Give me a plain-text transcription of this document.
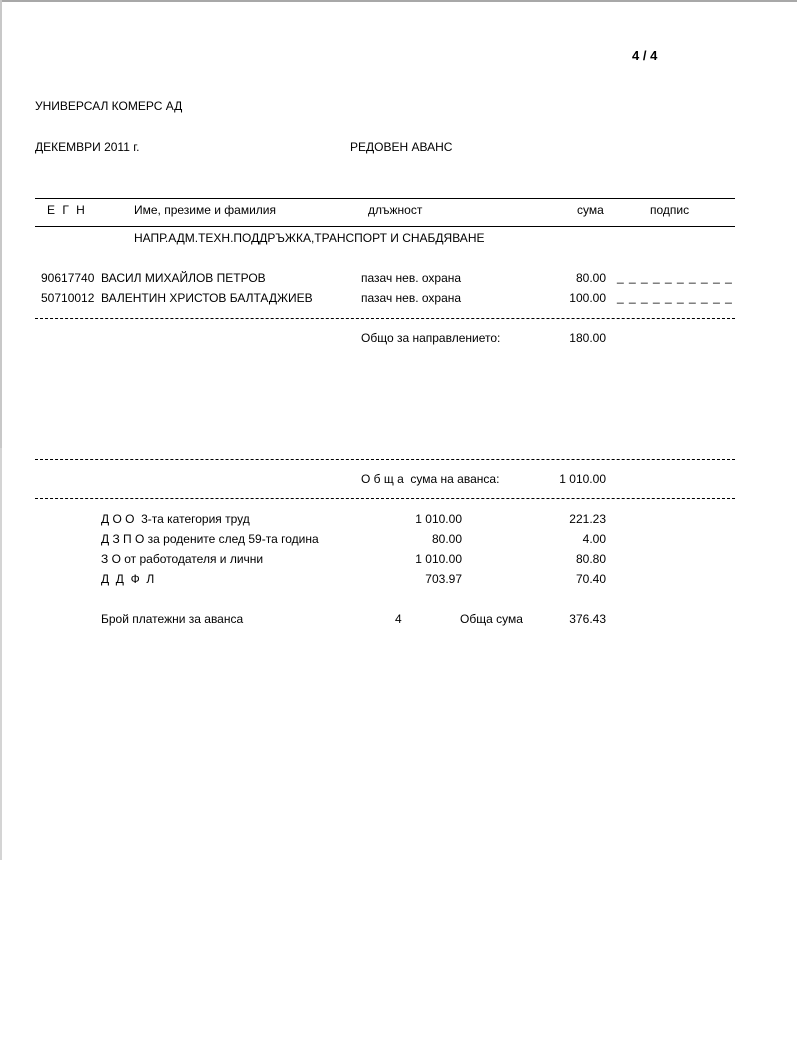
4 / 4
УНИВЕРСАЛ КОМЕРС АД
ДЕКЕМВРИ 2011 г.	РЕДОВЕН АВАНС
Е Г Н	Име, презиме и фамилия	длъжност	сума	подпис
НАПР.АДМ.ТЕХН.ПОДДРЪЖКА,ТРАНСПОРТ И СНАБДЯВАНЕ
90617740 ВАСИЛ МИХАЙЛОВ ПЕТРОВ	пазач нев. охрана	80.00 _ _ _ _ _ _ _ _ _ _
50710012 ВАЛЕНТИН ХРИСТОВ БАЛТАДЖИЕВ	пазач нев. охрана	100.00 _ _ _ _ _ _ _ _ _ _
Общо за направлението:	180.00
О б щ а  сума на аванса:	1 010.00
Д О О  3-та категория труд	1 010.00	221.23
Д З П О за родените след 59-та година	80.00	4.00
З О от работодателя и лични	1 010.00	80.80
Д  Д  Ф  Л	703.97	70.40
Брой платежни за аванса	4	Обща сума	376.43
